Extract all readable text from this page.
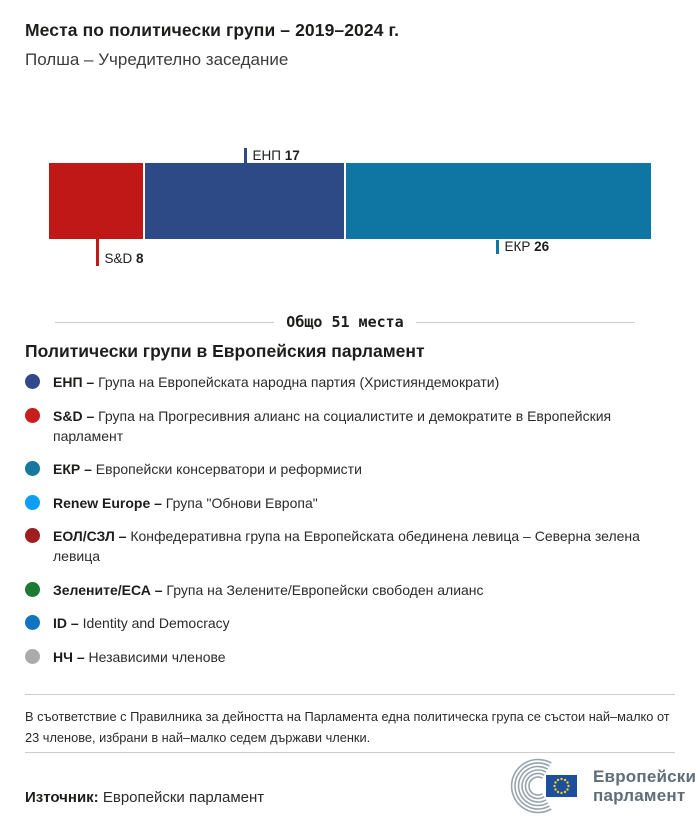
Места по политически групи – 2019–2024 г.
Полша – Учредително заседание
ЕНП 17
S&D 8
ЕКР 26
Общо 51 места
Политически групи в Европейския парламент
ЕНП – Група на Европейската народна партия (Християндемократи)
S&D – Група на Прогресивния алианс на социалистите и демократите в Европейския парламент
ЕКР – Европейски консерватори и реформисти
Renew Europe – Група "Обнови Европа"
ЕОЛ/СЗЛ – Конфедеративна група на Европейската обединена левица – Северна зелена левица
Зелените/ЕСА – Група на Зелените/Европейски свободен алианс
ID – Identity and Democracy
НЧ – Независими членове
В съответствие с Правилника за дейността на Парламента една политическа група се състои най–малко от 23 членове, избрани в най–малко седем държави членки.
Източник: Европейски парламент
Европейски
парламент
